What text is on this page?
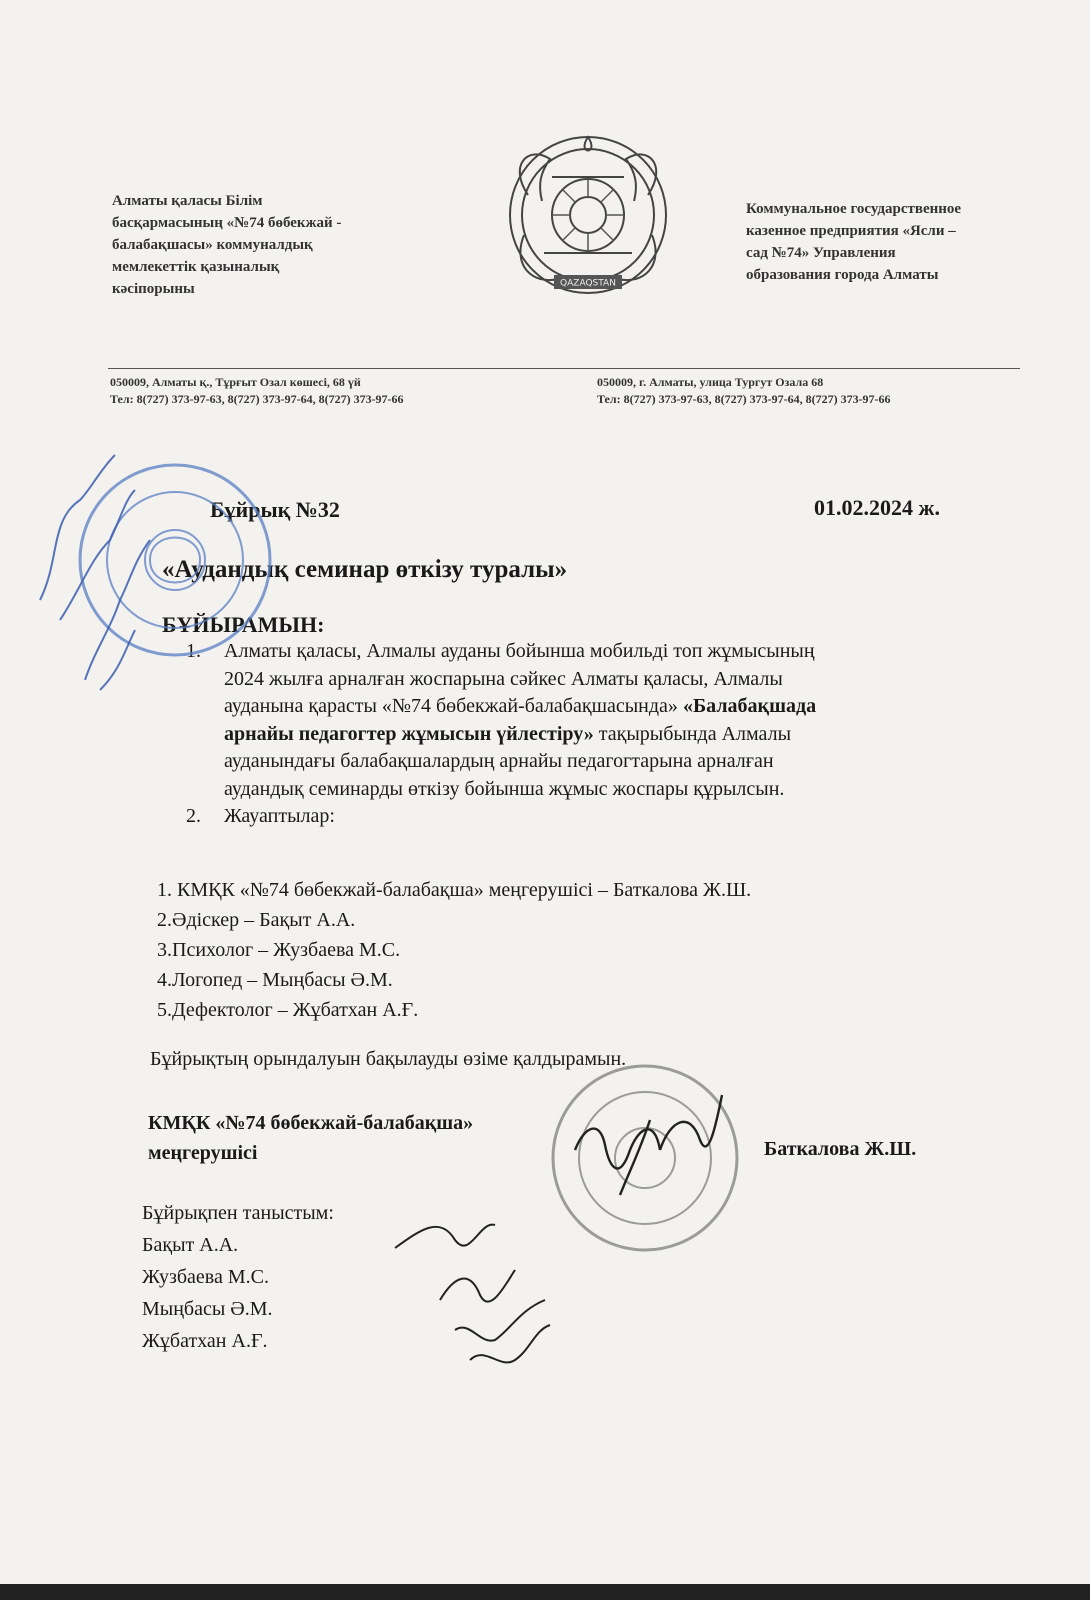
Алматы қаласы Білім
басқармасының «№74 бөбекжай -
балабақшасы» коммуналдық
мемлекеттік қазыналық
кәсіпорыны	QAZAQSTAN
Коммунальное государственное
казенное предприятия «Ясли –
сад №74» Управления
образования города Алматы
050009, Алматы қ., Тұрғыт Озал көшесі, 68 үй
Тел: 8(727) 373-97-63, 8(727) 373-97-64, 8(727) 373-97-66
050009, г. Алматы, улица Тургут Озала 68
Тел: 8(727) 373-97-63, 8(727) 373-97-64, 8(727) 373-97-66
Бұйрық №32	01.02.2024 ж.
«Аудандық семинар өткізу туралы»
БҰЙЫРАМЫН:
1.	Алматы қаласы, Алмалы ауданы бойынша мобильді топ жұмысының
2024 жылға арналған жоспарына сәйкес Алматы қаласы, Алмалы
ауданына қарасты «№74 бөбекжай-балабақшасында» «Балабақшада
арнайы педагогтер жұмысын үйлестіру» тақырыбында Алмалы
ауданындағы балабақшалардың арнайы педагогтарына арналған
аудандық семинарды өткізу бойынша жұмыс жоспары құрылсын.
2.	Жауаптылар:
1. КМҚК «№74 бөбекжай-балабақша» меңгерушісі – Баткалова Ж.Ш.
2.Әдіскер – Бақыт А.А.
3.Психолог – Жузбаева М.С.
4.Логопед – Мыңбасы Ә.М.
5.Дефектолог – Жұбатхан А.Ғ.
Бұйрықтың орындалуын бақылауды өзіме қалдырамын.
КМҚК «№74 бөбекжай-балабақша»
меңгерушісі	Баткалова Ж.Ш.
Бұйрықпен таныстым:
Бақыт А.А.
Жузбаева М.С.
Мыңбасы Ә.М.
Жұбатхан А.Ғ.
